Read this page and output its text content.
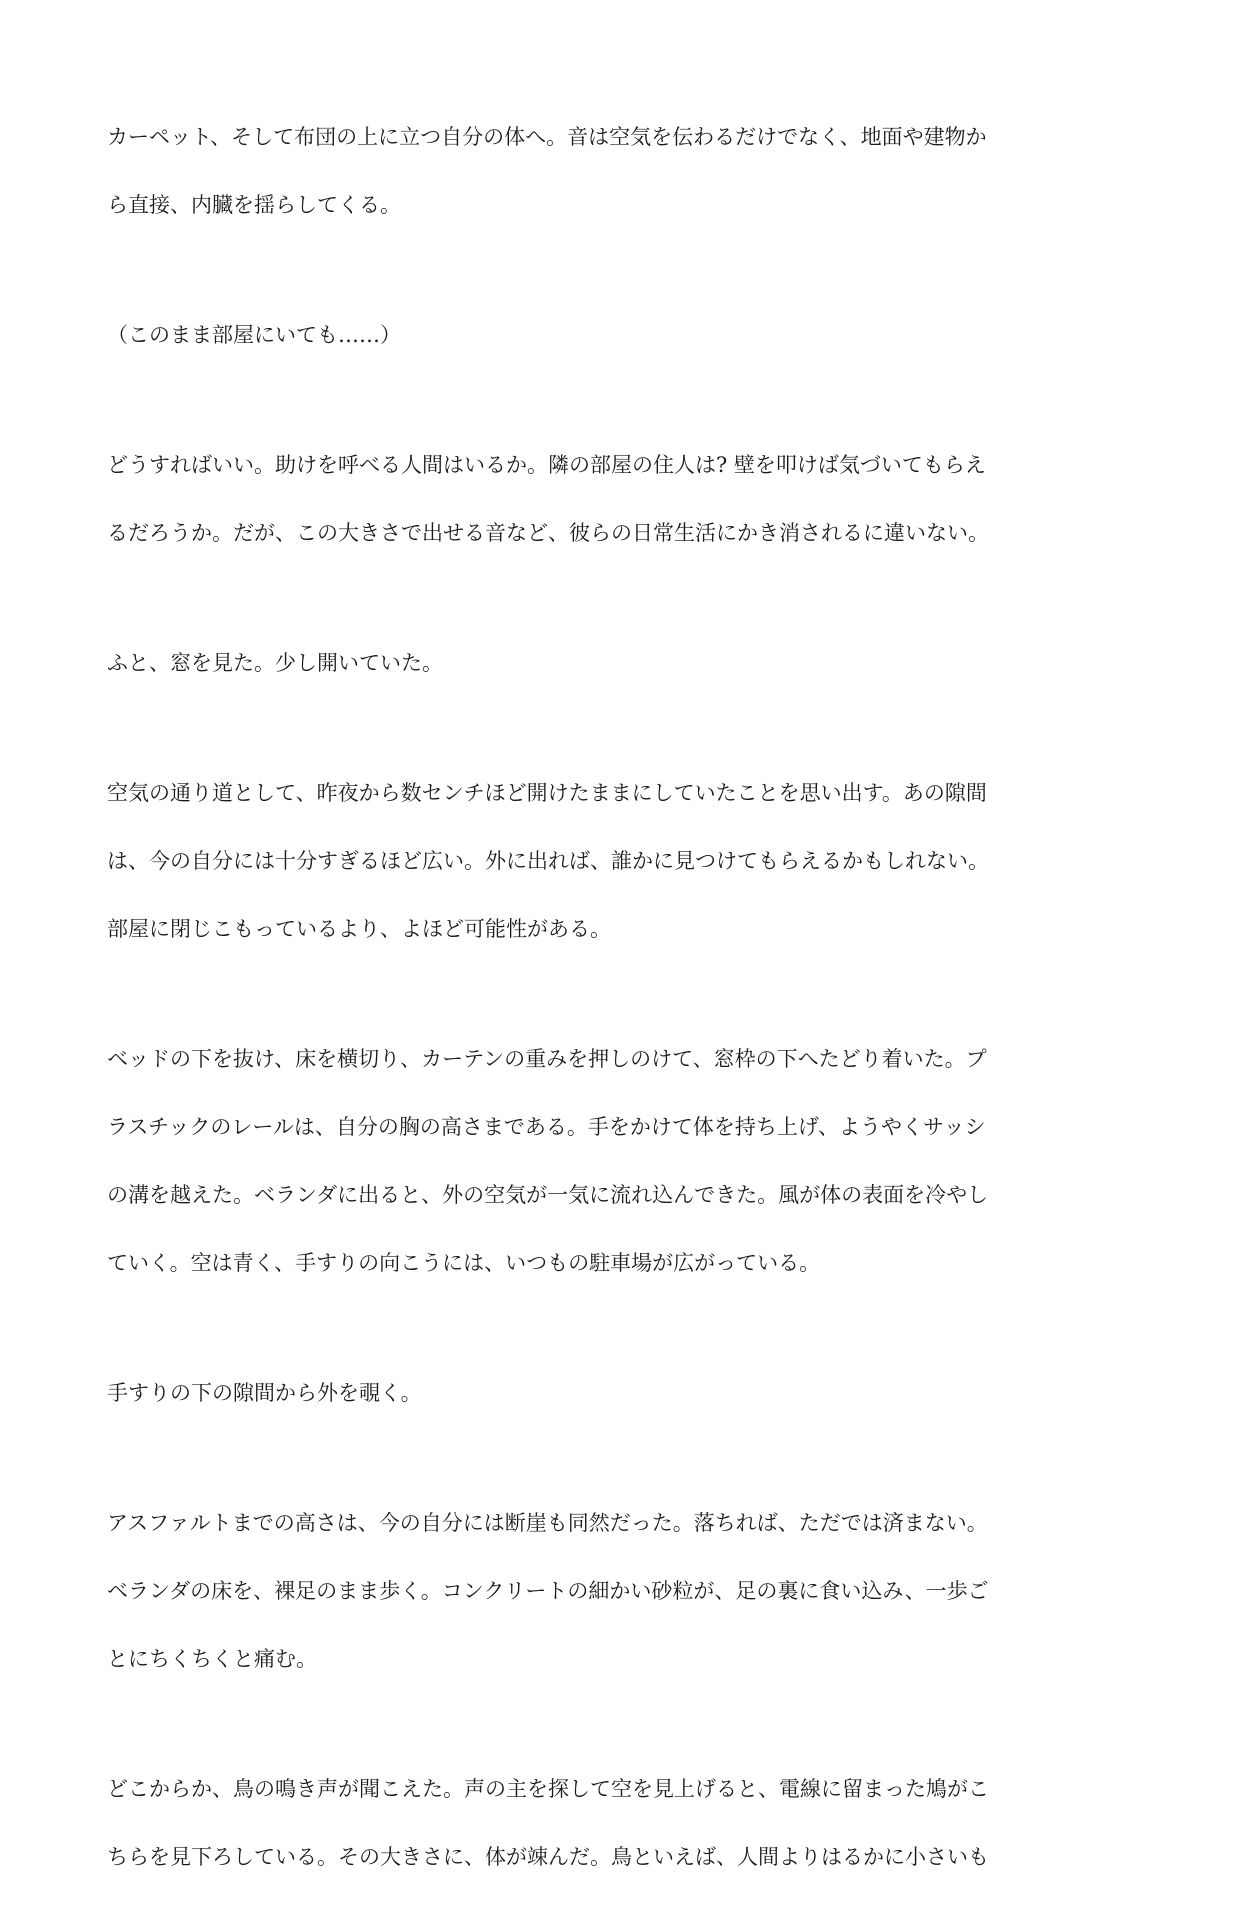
カーペット、そして布団の上に立つ自分の体へ。音は空気を伝わるだけでなく、地面や建物か
ら直接、内臓を揺らしてくる。
（このまま部屋にいても……）
どうすればいい。助けを呼べる人間はいるか。隣の部屋の住人は? 壁を叩けば気づいてもらえ
るだろうか。だが、この大きさで出せる音など、彼らの日常生活にかき消されるに違いない。
ふと、窓を見た。少し開いていた。
空気の通り道として、昨夜から数センチほど開けたままにしていたことを思い出す。あの隙間
は、今の自分には十分すぎるほど広い。外に出れば、誰かに見つけてもらえるかもしれない。
部屋に閉じこもっているより、よほど可能性がある。
ベッドの下を抜け、床を横切り、カーテンの重みを押しのけて、窓枠の下へたどり着いた。プ
ラスチックのレールは、自分の胸の高さまである。手をかけて体を持ち上げ、ようやくサッシ
の溝を越えた。ベランダに出ると、外の空気が一気に流れ込んできた。風が体の表面を冷やし
ていく。空は青く、手すりの向こうには、いつもの駐車場が広がっている。
手すりの下の隙間から外を覗く。
アスファルトまでの高さは、今の自分には断崖も同然だった。落ちれば、ただでは済まない。
ベランダの床を、裸足のまま歩く。コンクリートの細かい砂粒が、足の裏に食い込み、一歩ご
とにちくちくと痛む。
どこからか、鳥の鳴き声が聞こえた。声の主を探して空を見上げると、電線に留まった鳩がこ
ちらを見下ろしている。その大きさに、体が竦んだ。鳥といえば、人間よりはるかに小さいも
